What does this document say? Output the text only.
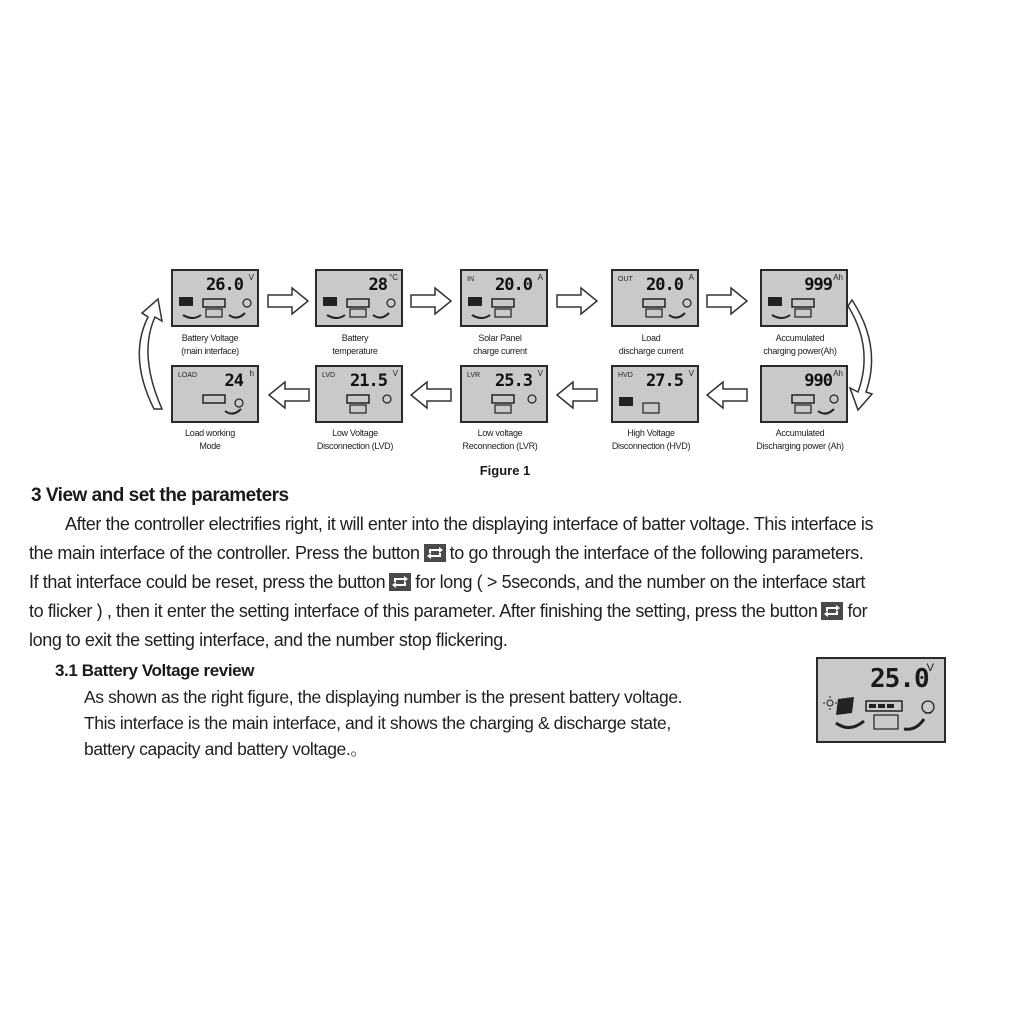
26.0 V
Battery Voltage
(main interface)
28 °C
Battery
temperature
IN 20.0 A
Solar Panel
charge current
OUT 20.0 A
Load
discharge current
999 Ah
Accumulated
charging power(Ah)
LOAD 24 h
Load working
Mode
LVD 21.5 V
Low Voltage
Disconnection (LVD)
LVR 25.3 V
Low voltage
Reconnection (LVR)
HVD 27.5 V
High Voltage
Disconnection (HVD)
990 Ah
Accumulated
Discharging power (Ah)
Figure 1
3 View and set the parameters

After the controller electrifies right, it will enter into the displaying interface of batter voltage. This interface is

the main interface of the controller. Press the button to go through the interface of the following parameters.

If that interface could be reset, press the button for long ( > 5seconds, and the number on the interface start

to flicker ) , then it enter the setting interface of this parameter. After finishing the setting, press the button for

long to exit the setting interface, and the number stop flickering.

3.1 Battery Voltage review

As shown as the right figure, the displaying number is the present battery voltage.

This interface is the main interface, and it shows the charging & discharge state,

battery capacity and battery voltage.。

25.0
V
